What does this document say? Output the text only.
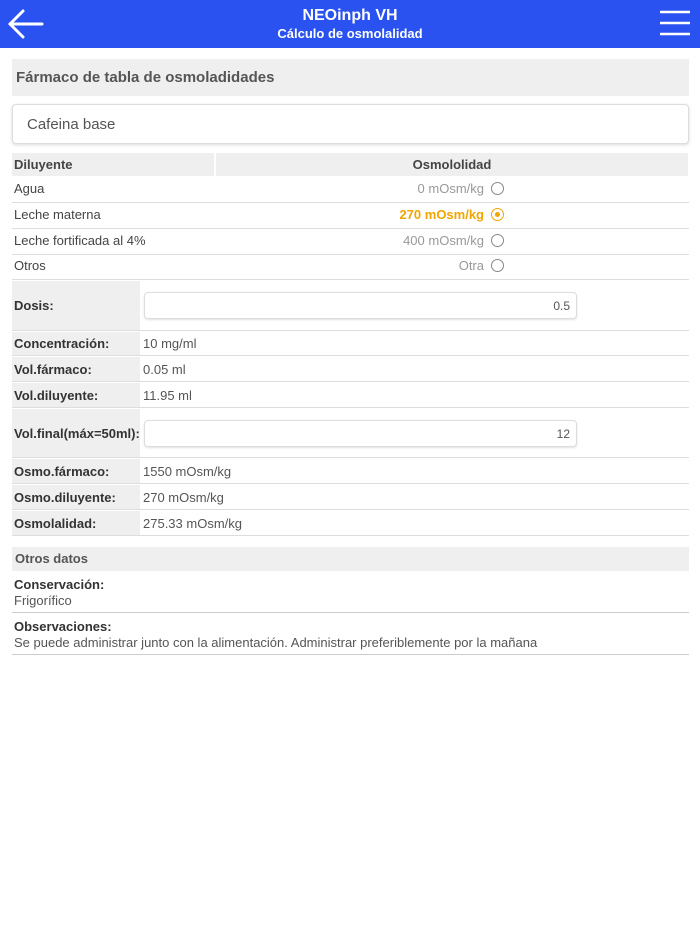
NEOinph VH
Cálculo de osmolalidad
Fármaco de tabla de osmoladidades
Cafeina base
Diluyente	Osmololidad
Agua	0 mOsm/kg
Leche materna	270 mOsm/kg
Leche fortificada al 4%	400 mOsm/kg
Otros	Otra
Dosis:	0.5
Concentración:	10 mg/ml
Vol.fármaco:	0.05 ml
Vol.diluyente:	11.95 ml
Vol.final(máx=50ml):	12
Osmo.fármaco:	1550 mOsm/kg
Osmo.diluyente:	270 mOsm/kg
Osmolalidad:	275.33 mOsm/kg
Otros datos
Conservación:
Frigorífico
Observaciones:
Se puede administrar junto con la alimentación. Administrar preferiblemente por la mañana
